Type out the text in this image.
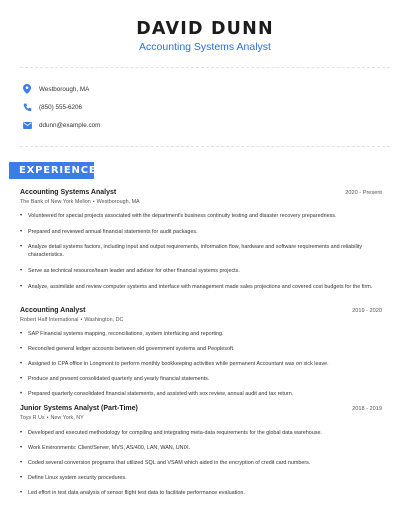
DAVID DUNN
Accounting Systems Analyst
Westborough, MA
(850) 555-6206
ddunn@example.com
EXPERIENCE
Accounting Systems Analyst	2020 - Present
The Bank of New York Mellon • Westborough, MA
•	Volunteered for special projects associated with the department's business continuity testing and disaster recovery preparedness.
•	Prepared and reviewed annual financial statements for audit packages.
•	Analyze detail systems factors, including input and output requirements, information flow, hardware and software requirements and reliability characteristics.
•	Serve as technical resource/team leader and advisor for other financial systems projects.
•	Analyze, assimilate and review computer systems and interface with management made sales projections and covered cost budgets for the firm.
Accounting Analyst	2019 - 2020
Robert Half International • Washington, DC
•	SAP Financial systems mapping, reconciliations, system interfacing and reporting.
•	Reconciled general ledger accounts between old government systems and Peoplesoft.
•	Assigned to CPA office in Longmont to perform monthly bookkeeping activities while permanent Accountant was on sick leave.
•	Produce and present consolidated quarterly and yearly financial statements.
•	Prepared quarterly consolidated financial statements, and assisted with sox review, annual audit and tax return.
Junior Systems Analyst (Part-Time)	2018 - 2019
Toys R Us • New York, NY
•	Developed and executed methodology for compiling and integrating meta-data requirements for the global data warehouse.
•	Work Environments: Client/Server, MVS, AS/400, LAN, WAN, UNIX.
•	Coded several conversion programs that utilized SQL and VSAM which aided in the encryption of credit card numbers.
•	Define Linux system security procedures.
•	Led effort in test data analysis of sensor flight test data to facilitate performance evaluation.
